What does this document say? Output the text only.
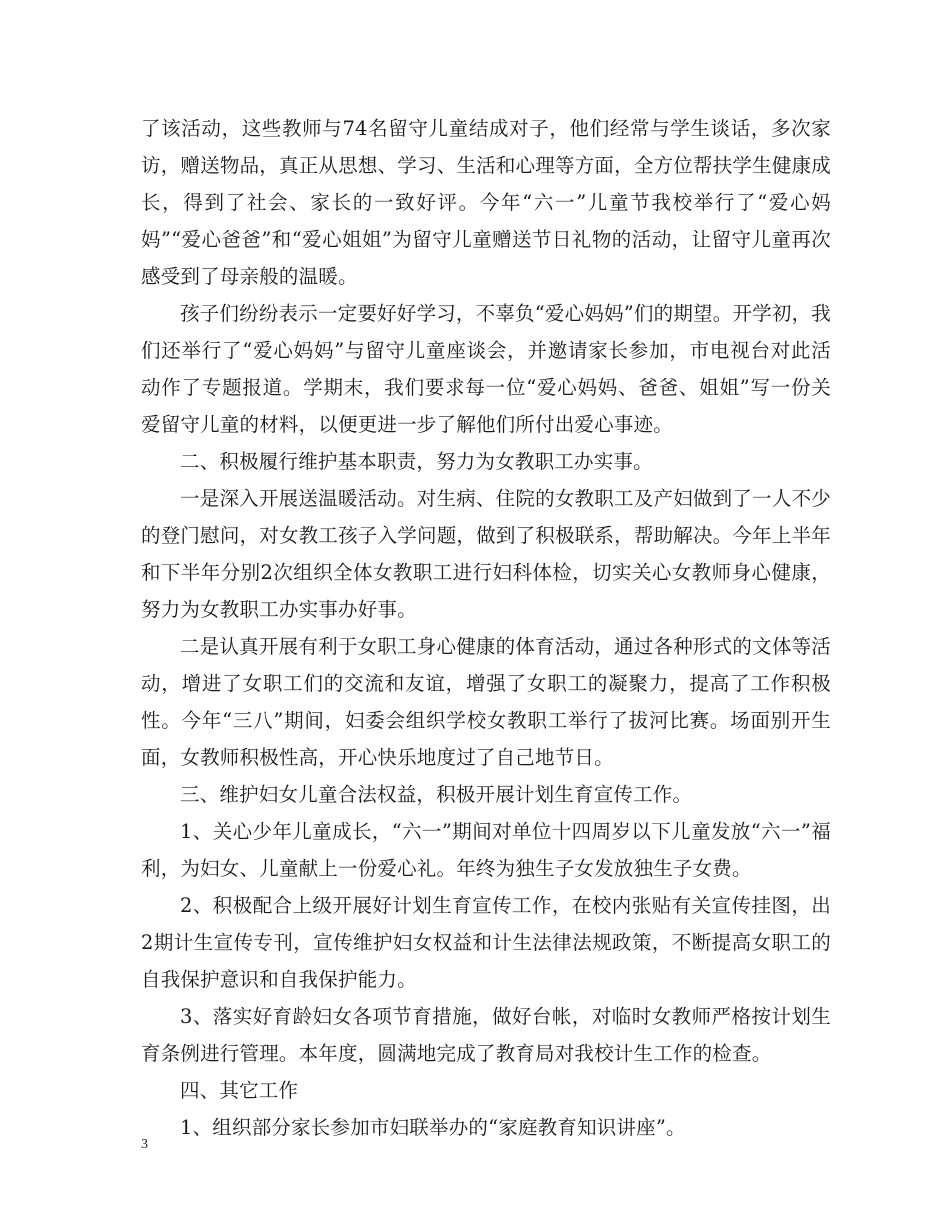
了该活动，这些教师与74名留守儿童结成对子，他们经常与学生谈话，多次家访，赠送物品，真正从思想、学习、生活和心理等方面，全方位帮扶学生健康成长，得到了社会、家长的一致好评。今年“六一”儿童节我校举行了“爱心妈妈”“爱心爸爸”和“爱心姐姐”为留守儿童赠送节日礼物的活动，让留守儿童再次感受到了母亲般的温暖。

孩子们纷纷表示一定要好好学习，不辜负“爱心妈妈”们的期望。开学初，我们还举行了“爱心妈妈”与留守儿童座谈会，并邀请家长参加，市电视台对此活动作了专题报道。学期末，我们要求每一位“爱心妈妈、爸爸、姐姐”写一份关爱留守儿童的材料，以便更进一步了解他们所付出爱心事迹。

二、积极履行维护基本职责，努力为女教职工办实事。

一是深入开展送温暖活动。对生病、住院的女教职工及产妇做到了一人不少的登门慰问，对女教工孩子入学问题，做到了积极联系，帮助解决。今年上半年和下半年分别2次组织全体女教职工进行妇科体检，切实关心女教师身心健康，努力为女教职工办实事办好事。

二是认真开展有利于女职工身心健康的体育活动，通过各种形式的文体等活动，增进了女职工们的交流和友谊，增强了女职工的凝聚力，提高了工作积极性。今年“三八”期间，妇委会组织学校女教职工举行了拔河比赛。场面别开生面，女教师积极性高，开心快乐地度过了自己地节日。

三、维护妇女儿童合法权益，积极开展计划生育宣传工作。

1、关心少年儿童成长，“六一”期间对单位十四周岁以下儿童发放“六一”福利，为妇女、儿童献上一份爱心礼。年终为独生子女发放独生子女费。

2、积极配合上级开展好计划生育宣传工作，在校内张贴有关宣传挂图，出2期计生宣传专刊，宣传维护妇女权益和计生法律法规政策，不断提高女职工的自我保护意识和自我保护能力。

3、落实好育龄妇女各项节育措施，做好台帐，对临时女教师严格按计划生育条例进行管理。本年度，圆满地完成了教育局对我校计生工作的检查。

四、其它工作

1、组织部分家长参加市妇联举办的“家庭教育知识讲座”。

3
